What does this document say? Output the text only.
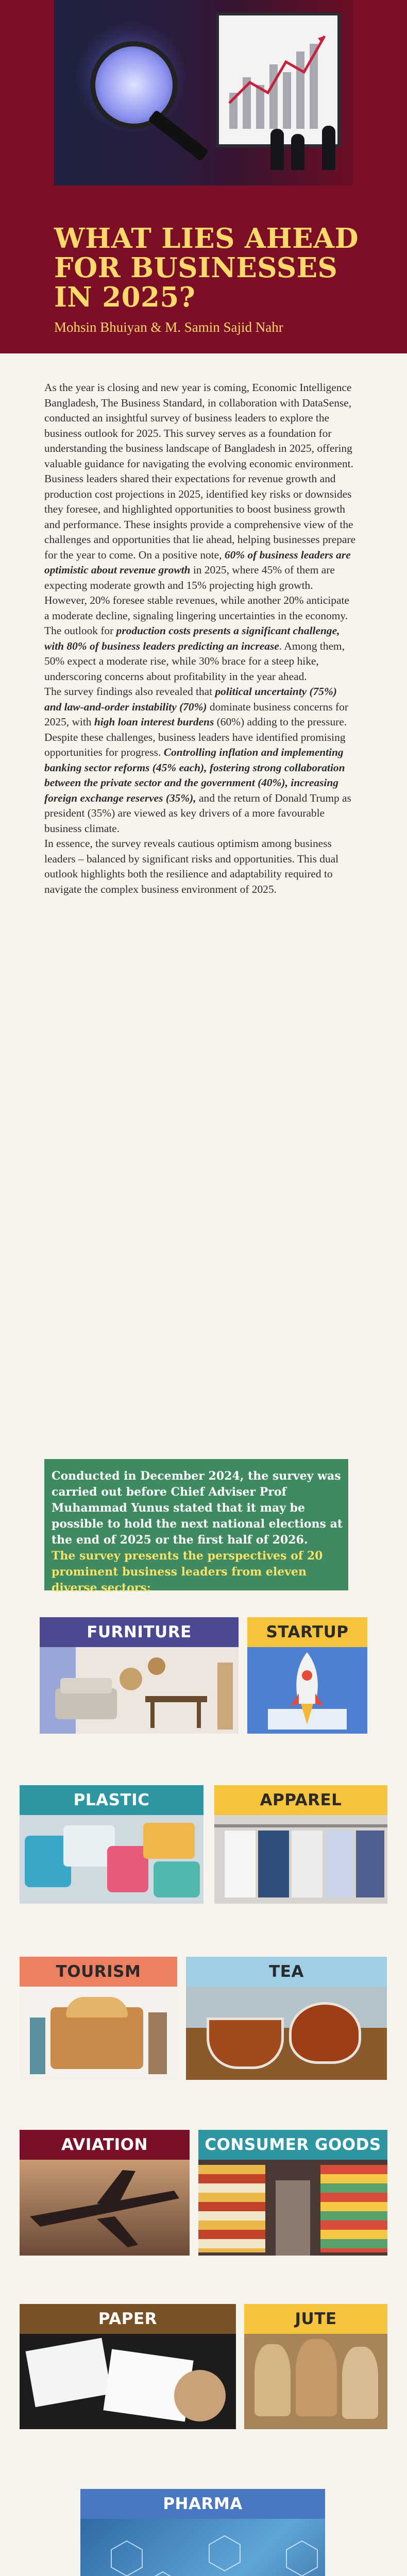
WHAT LIES AHEAD FOR BUSINESSES IN 2025?

Mohsin Bhuiyan & M. Samin Sajid Nahr

As the year is closing and new year is coming, Economic Intelligence Bangladesh, The Business Standard, in collaboration with DataSense, conducted an insightful survey of business leaders to explore the business outlook for 2025. This survey serves as a foundation for understanding the business landscape of Bangladesh in 2025, offering valuable guidance for navigating the evolving economic environment. Business leaders shared their expectations for revenue growth and production cost projections in 2025, identified key risks or downsides they foresee, and highlighted opportunities to boost business growth and performance. These insights provide a comprehensive view of the challenges and opportunities that lie ahead, helping businesses prepare for the year to come. On a positive note, 60% of business leaders are optimistic about revenue growth in 2025, where 45% of them are expecting moderate growth and 15% projecting high growth. However, 20% foresee stable revenues, while another 20% anticipate a moderate decline, signaling lingering uncertainties in the economy.

The outlook for production costs presents a significant challenge, with 80% of business leaders predicting an increase. Among them, 50% expect a moderate rise, while 30% brace for a steep hike, underscoring concerns about profitability in the year ahead.

The survey findings also revealed that political uncertainty (75%) and law-and-order instability (70%) dominate business concerns for 2025, with high loan interest burdens (60%) adding to the pressure.

Despite these challenges, business leaders have identified promising opportunities for progress. Controlling inflation and implementing banking sector reforms (45% each), fostering strong collaboration between the private sector and the government (40%), increasing foreign exchange reserves (35%), and the return of Donald Trump as president (35%) are viewed as key drivers of a more favourable business climate.

In essence, the survey reveals cautious optimism among business leaders – balanced by significant risks and opportunities. This dual outlook highlights both the resilience and adaptability required to navigate the complex business environment of 2025.

Conducted in December 2024, the survey was carried out before Chief Adviser Prof Muhammad Yunus stated that it may be possible to hold the next national elections at the end of 2025 or the first half of 2026.

The survey presents the perspectives of 20 prominent business leaders from eleven diverse sectors:

FURNITURE	STARTUP
PLASTIC	APPAREL
TOURISM	TEA
AVIATION	CONSUMER GOODS
PAPER	JUTE
PHARMA
